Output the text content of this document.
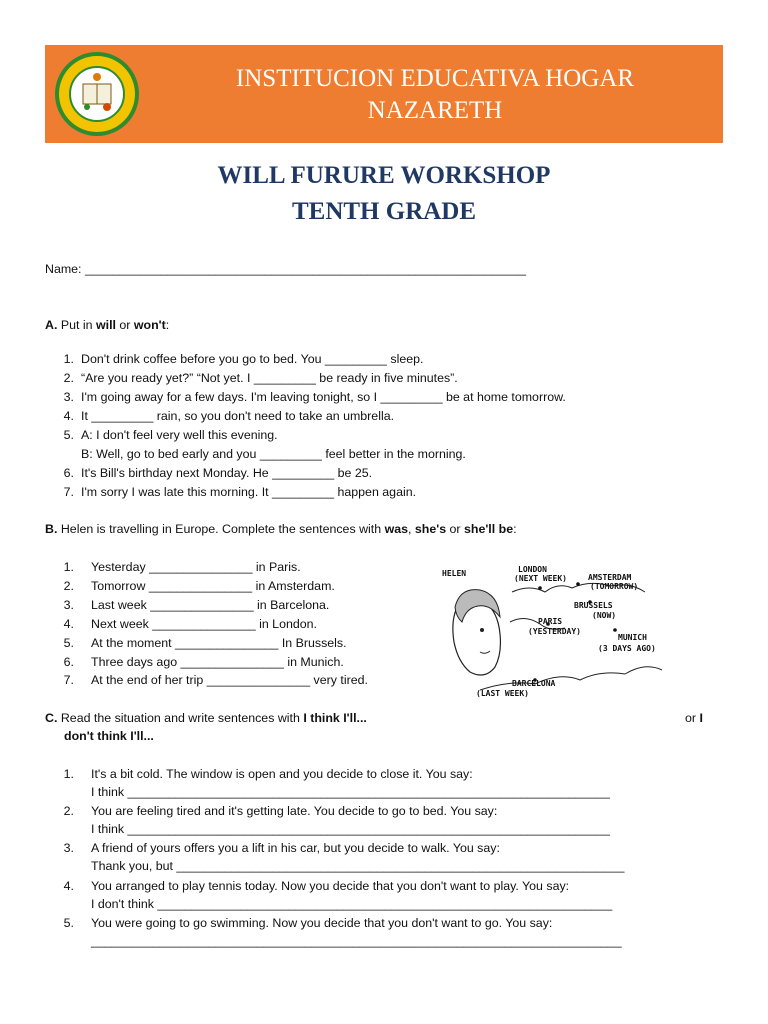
INSTITUCION EDUCATIVA HOGAR
NAZARETH
WILL FURURE WORKSHOP
TENTH GRADE
Name: ________________________________________________________________
A. Put in will or won't:
1. Don't drink coffee before you go to bed. You _________ sleep.
2. “Are you ready yet?” “Not yet. I _________ be ready in five minutes”.
3. I'm going away for a few days. I'm leaving tonight, so I _________ be at home tomorrow.
4. It _________ rain, so you don't need to take an umbrella.
5. A: I don't feel very well this evening.
B: Well, go to bed early and you _________ feel better in the morning.
6. It's Bill's birthday next Monday. He _________ be 25.
7. I'm sorry I was late this morning. It _________ happen again.
B. Helen is travelling in Europe. Complete the sentences with was, she's or she'll be:
1. Yesterday _______________ in Paris.
2. Tomorrow _______________ in Amsterdam.
3. Last week _______________ in Barcelona.
4. Next week _______________ in London.
5. At the moment _______________ In Brussels.
6. Three days ago _______________ in Munich.
7. At the end of her trip _______________ very tired.
HELEN	LONDON
(NEXT WEEK)	AMSTERDAM
(TOMORROW)
BRUSSELS
(NOW)
PARIS
(YESTERDAY)
MUNICH
(3 DAYS AGO)
BARCELONA
(LAST WEEK)
C. Read the situation and write sentences with I think I'll...	or I
don't think I'll...
1. It's a bit cold. The window is open and you decide to close it. You say:
I think ______________________________________________________________________
2. You are feeling tired and it's getting late. You decide to go to bed. You say:
I think ______________________________________________________________________
3. A friend of yours offers you a lift in his car, but you decide to walk. You say:
Thank you, but _________________________________________________________________
4. You arranged to play tennis today. Now you decide that you don't want to play. You say:
I don't think __________________________________________________________________
5. You were going to go swimming. Now you decide that you don't want to go. You say:
_____________________________________________________________________________
